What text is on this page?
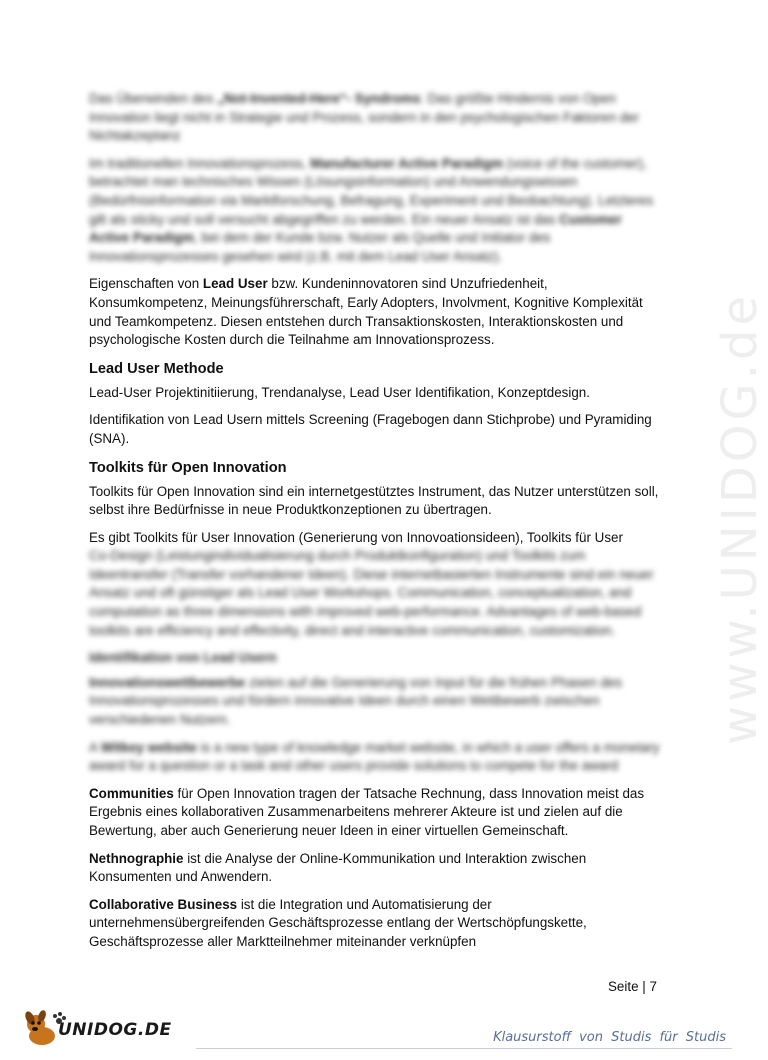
www.UNIDOG.de

Das Überwinden des „Not-Invented-Here“- Syndroms: Das größte Hindernis von Open Innovation liegt nicht in Strategie und Prozess, sondern in den psychologischen Faktoren der Nichtakzeptanz

Im traditionellen Innovationsprozess, Manufacturer Active Paradigm (voice of the customer), betrachtet man technisches Wissen (Lösungsinformation) und Anwendungswissen (Bedürfnisinformation via Marktforschung, Befragung, Experiment und Beobachtung). Letzteres gilt als sticky und soll versucht abgegriffen zu werden. Ein neuer Ansatz ist das Customer Active Paradigm, bei dem der Kunde bzw. Nutzer als Quelle und Initiator des Innovationsprozesses gesehen wird (z.B. mit dem Lead User Ansatz).

Eigenschaften von Lead User bzw. Kundeninnovatoren sind Unzufriedenheit, Konsumkompetenz, Meinungsführerschaft, Early Adopters, Involvment, Kognitive Komplexität und Teamkompetenz. Diesen entstehen durch Transaktionskosten, Interaktionskosten und psychologische Kosten durch die Teilnahme am Innovationsprozess.

Lead User Methode

Lead-User Projektinitiierung, Trendanalyse, Lead User Identifikation, Konzeptdesign.

Identifikation von Lead Usern mittels Screening (Fragebogen dann Stichprobe) und Pyramiding (SNA).

Toolkits für Open Innovation

Toolkits für Open Innovation sind ein internetgestütztes Instrument, das Nutzer unterstützen soll, selbst ihre Bedürfnisse in neue Produktkonzeptionen zu übertragen.

Es gibt Toolkits für User Innovation (Generierung von Innovoationsideen), Toolkits für User

Co-Design (Leistungindividualisierung durch Produktkonfiguration) und Toolkits zum Ideentransfer (Transfer vorhandener Ideen). Diese internetbasierten Instrumente sind ein neuer Ansatz und oft günstiger als Lead User Workshops. Communication, conceptualization, and computation as three dimensions with improved web-performance. Advantages of web-based toolkits are efficiency and effectivity, direct and interactive communication, customization.

Identifikation von Lead Usern

Innovationswettbewerbe zielen auf die Generierung von Input für die frühen Phasen des Innovationsprozesses und fördern innovative Ideen durch einen Wettbewerb zwischen verschiedenen Nutzern.

A Witkey website is a new type of knowledge market website, in which a user offers a monetary award for a question or a task and other users provide solutions to compete for the award

Communities für Open Innovation tragen der Tatsache Rechnung, dass Innovation meist das Ergebnis eines kollaborativen Zusammenarbeitens mehrerer Akteure ist und zielen auf die Bewertung, aber auch Generierung neuer Ideen in einer virtuellen Gemeinschaft.

Nethnographie ist die Analyse der Online-Kommunikation und Interaktion zwischen Konsumenten und Anwendern.

Collaborative Business ist die Integration und Automatisierung der unternehmensübergreifenden Geschäftsprozesse entlang der Wertschöpfungskette, Geschäftsprozesse aller Marktteilnehmer miteinander verknüpfen

Seite | 7
UNIDOG.DE	Klausurstoff von Studis für Studis
